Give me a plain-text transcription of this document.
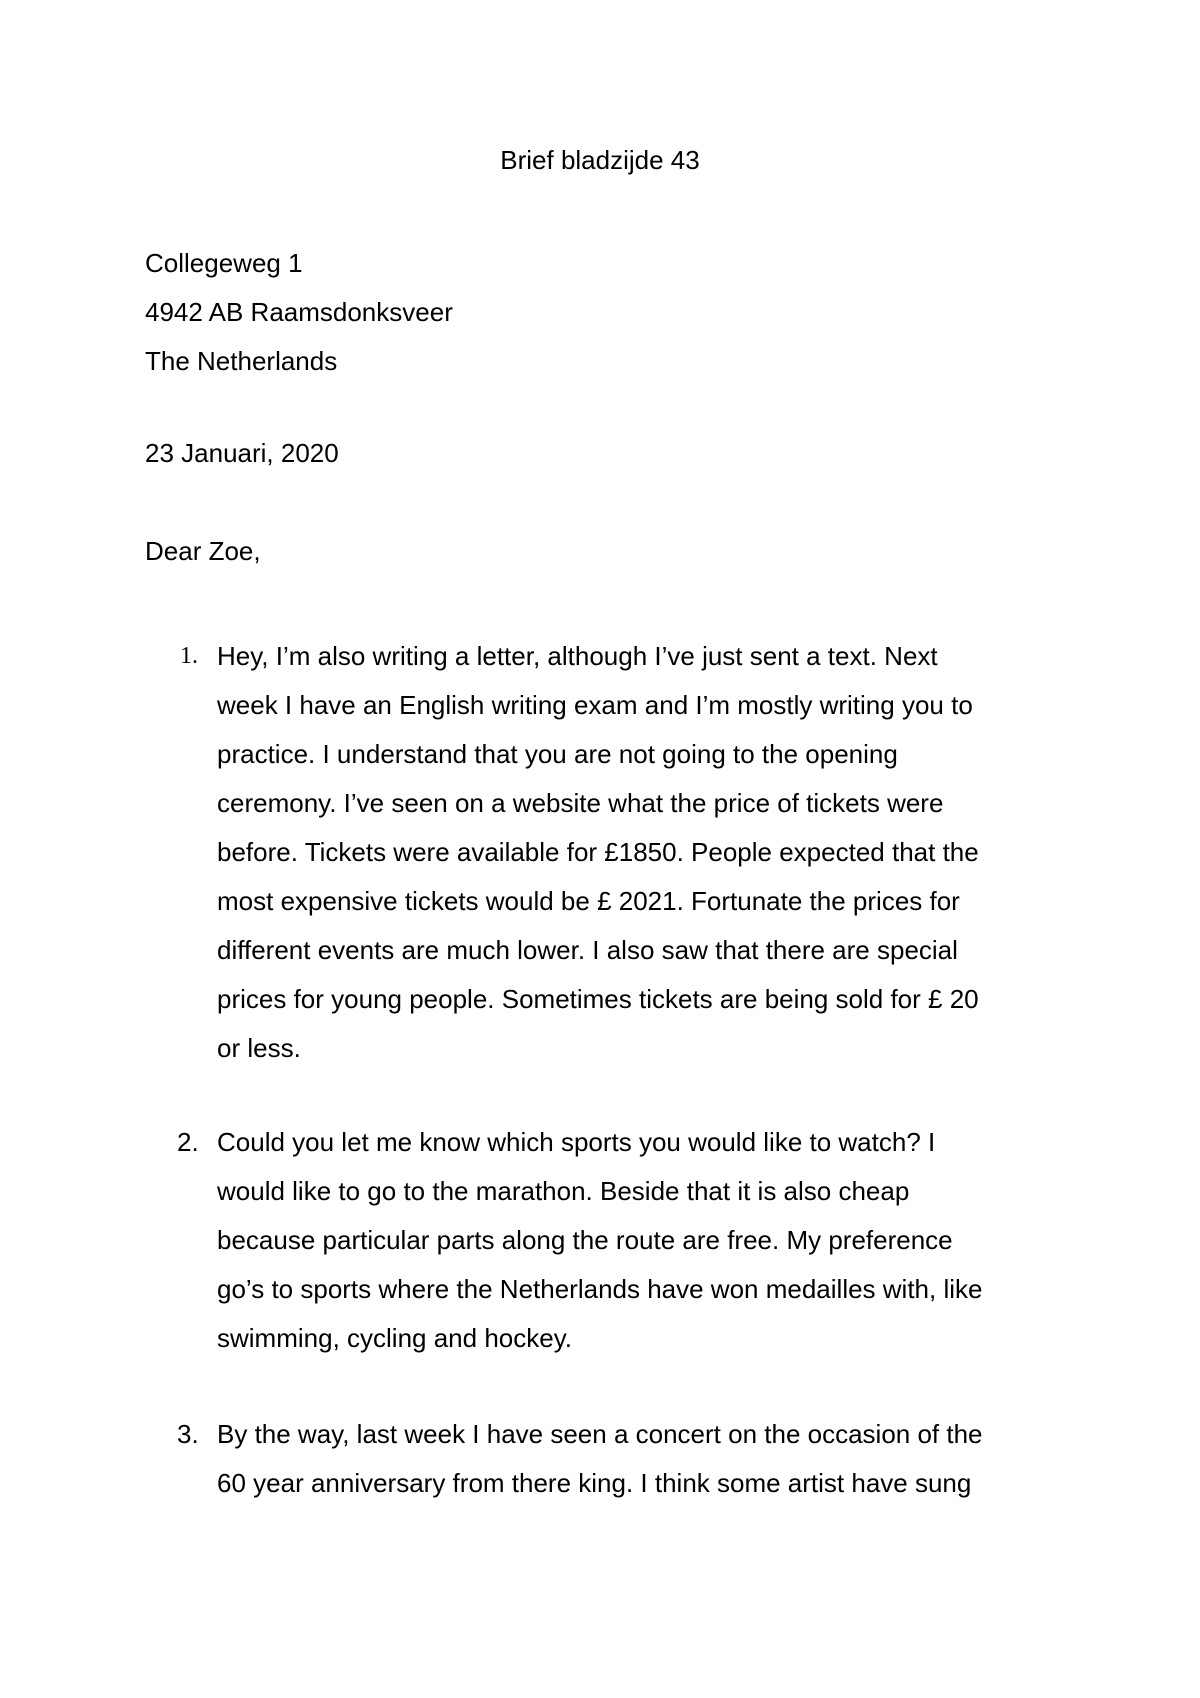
Brief bladzijde 43
Collegeweg 1
4942 AB Raamsdonksveer
The Netherlands
23 Januari, 2020
Dear Zoe,
1. Hey, I’m also writing a letter, although I’ve just sent a text. Next
week I have an English writing exam and I’m mostly writing you to
practice. I understand that you are not going to the opening
ceremony. I’ve seen on a website what the price of tickets were
before. Tickets were available for £1850. People expected that the
most expensive tickets would be £ 2021. Fortunate the prices for
different events are much lower. I also saw that there are special
prices for young people. Sometimes tickets are being sold for £ 20
or less.
2. Could you let me know which sports you would like to watch? I
would like to go to the marathon. Beside that it is also cheap
because particular parts along the route are free. My preference
go’s to sports where the Netherlands have won medailles with, like
swimming, cycling and hockey.
3. By the way, last week I have seen a concert on the occasion of the
60 year anniversary from there king. I think some artist have sung
